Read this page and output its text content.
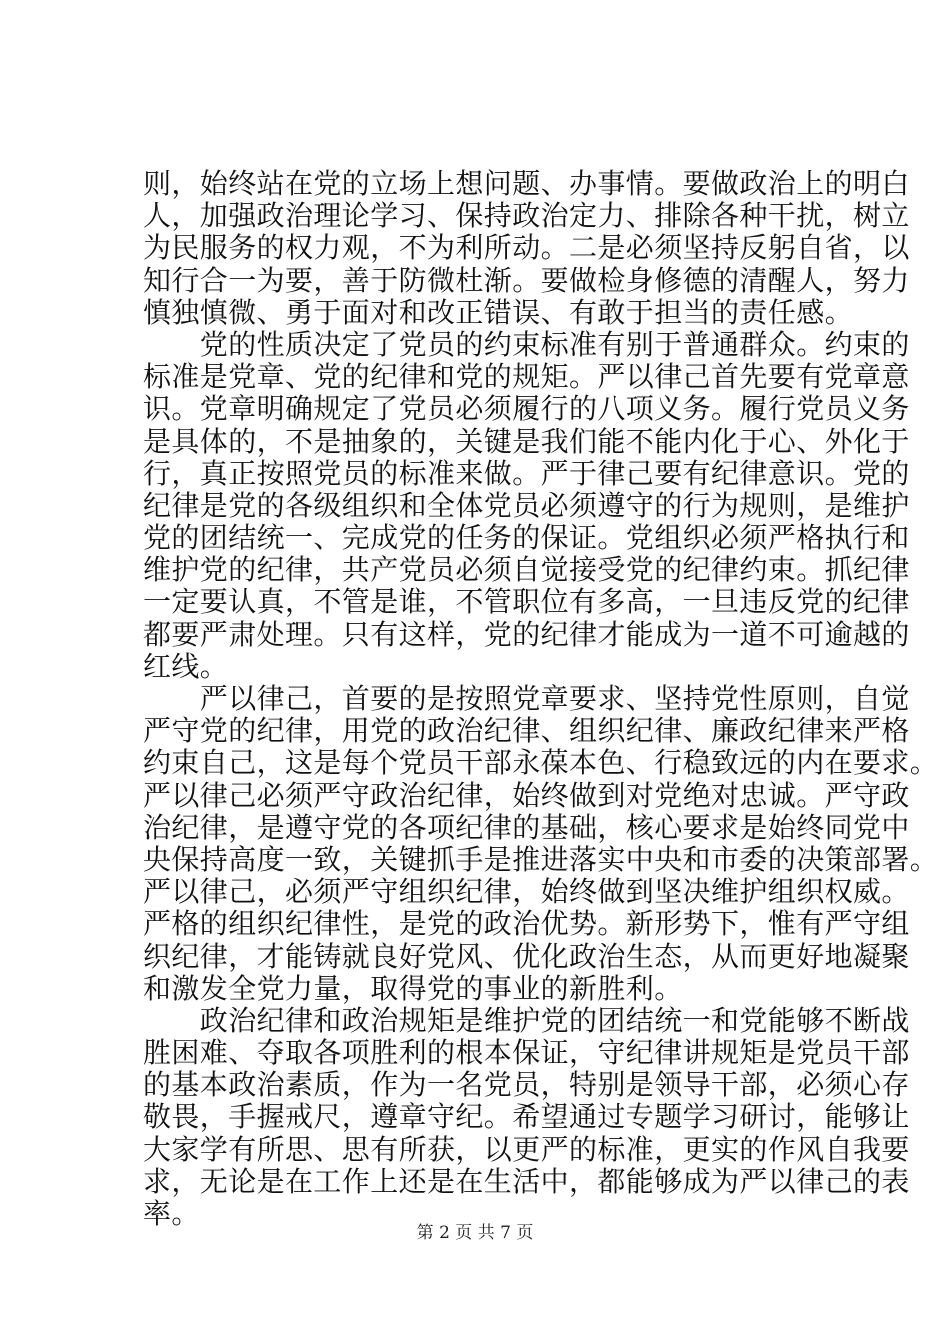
则，始终站在党的立场上想问题、办事情。要做政治上的明白
人，加强政治理论学习、保持政治定力、排除各种干扰，树立
为民服务的权力观，不为利所动。二是必须坚持反躬自省，以
知行合一为要，善于防微杜渐。要做检身修德的清醒人，努力
慎独慎微、勇于面对和改正错误、有敢于担当的责任感。
　　党的性质决定了党员的约束标准有别于普通群众。约束的
标准是党章、党的纪律和党的规矩。严以律己首先要有党章意
识。党章明确规定了党员必须履行的八项义务。履行党员义务
是具体的，不是抽象的，关键是我们能不能内化于心、外化于
行，真正按照党员的标准来做。严于律己要有纪律意识。党的
纪律是党的各级组织和全体党员必须遵守的行为规则，是维护
党的团结统一、完成党的任务的保证。党组织必须严格执行和
维护党的纪律，共产党员必须自觉接受党的纪律约束。抓纪律
一定要认真，不管是谁，不管职位有多高，一旦违反党的纪律
都要严肃处理。只有这样，党的纪律才能成为一道不可逾越的
红线。
　　严以律己，首要的是按照党章要求、坚持党性原则，自觉
严守党的纪律，用党的政治纪律、组织纪律、廉政纪律来严格
约束自己，这是每个党员干部永葆本色、行稳致远的内在要求。
严以律己必须严守政治纪律，始终做到对党绝对忠诚。严守政
治纪律，是遵守党的各项纪律的基础，核心要求是始终同党中
央保持高度一致，关键抓手是推进落实中央和市委的决策部署。
严以律己，必须严守组织纪律，始终做到坚决维护组织权威。
严格的组织纪律性，是党的政治优势。新形势下，惟有严守组
织纪律，才能铸就良好党风、优化政治生态，从而更好地凝聚
和激发全党力量，取得党的事业的新胜利。
　　政治纪律和政治规矩是维护党的团结统一和党能够不断战
胜困难、夺取各项胜利的根本保证，守纪律讲规矩是党员干部
的基本政治素质，作为一名党员，特别是领导干部，必须心存
敬畏，手握戒尺，遵章守纪。希望通过专题学习研讨，能够让
大家学有所思、思有所获，以更严的标准，更实的作风自我要
求，无论是在工作上还是在生活中，都能够成为严以律己的表
率。
第 2 页 共 7 页
